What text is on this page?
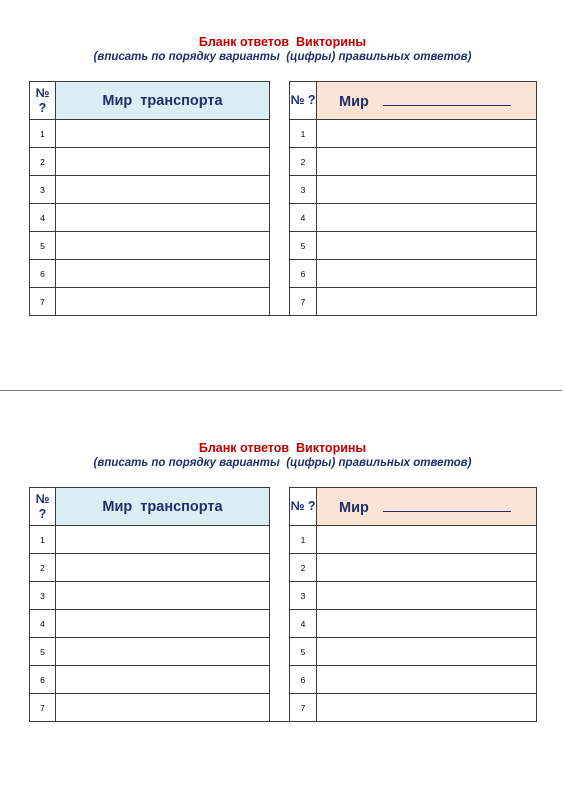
Бланк ответов  Викторины
(вписать по порядку варианты  (цифры) правильных ответов)
№ ?	Мир  транспорта		№ ?	Мир
1			1	
2			2	
3			3	
4			4	
5			5	
6			6	
7			7	
Бланк ответов  Викторины
(вписать по порядку варианты  (цифры) правильных ответов)
№ ?	Мир  транспорта		№ ?	Мир
1			1	
2			2	
3			3	
4			4	
5			5	
6			6	
7			7	
